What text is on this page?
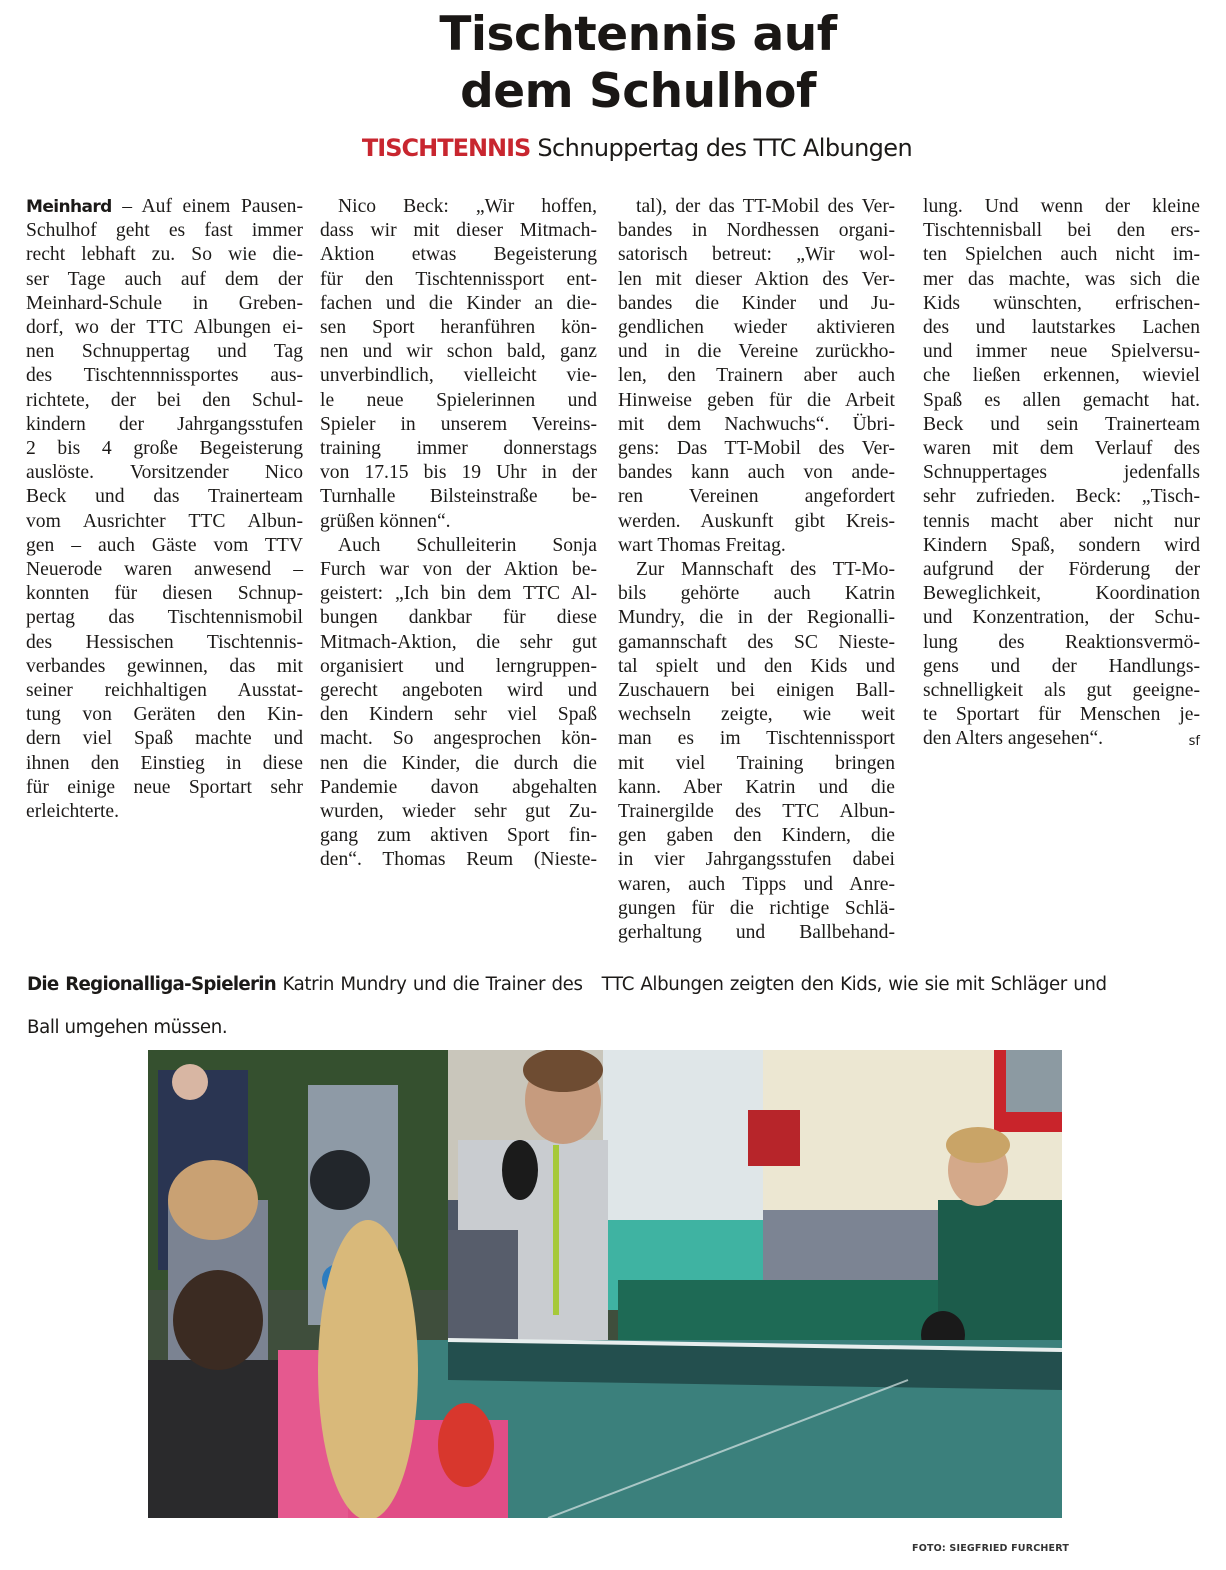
Tischtennis auf
dem Schulhof
TISCHTENNIS Schnuppertag des TTC Albungen
Meinhard – Auf einem Pausen-
Schulhof geht es fast immer
recht lebhaft zu. So wie die-
ser Tage auch auf dem der
Meinhard-Schule in Greben-
dorf, wo der TTC Albungen ei-
nen Schnuppertag und Tag
des Tischtennnissportes aus-
richtete, der bei den Schul-
kindern der Jahrgangsstufen
2 bis 4 große Begeisterung
auslöste. Vorsitzender Nico
Beck und das Trainerteam
vom Ausrichter TTC Albun-
gen – auch Gäste vom TTV
Neuerode waren anwesend –
konnten für diesen Schnup-
pertag das Tischtennismobil
des Hessischen Tischtennis-
verbandes gewinnen, das mit
seiner reichhaltigen Ausstat-
tung von Geräten den Kin-
dern viel Spaß machte und
ihnen den Einstieg in diese
für einige neue Sportart sehr
erleichterte.

Nico Beck: „Wir hoffen,
dass wir mit dieser Mitmach-
Aktion etwas Begeisterung
für den Tischtennissport ent-
fachen und die Kinder an die-
sen Sport heranführen kön-
nen und wir schon bald, ganz
unverbindlich, vielleicht vie-
le neue Spielerinnen und
Spieler in unserem Vereins-
training immer donnerstags
von 17.15 bis 19 Uhr in der
Turnhalle Bilsteinstraße be-
grüßen können“.

Auch Schulleiterin Sonja
Furch war von der Aktion be-
geistert: „Ich bin dem TTC Al-
bungen dankbar für diese
Mitmach-Aktion, die sehr gut
organisiert und lerngruppen-
gerecht angeboten wird und
den Kindern sehr viel Spaß
macht. So angesprochen kön-
nen die Kinder, die durch die
Pandemie davon abgehalten
wurden, wieder sehr gut Zu-
gang zum aktiven Sport fin-
den“. Thomas Reum (Nieste-

tal), der das TT-Mobil des Ver-
bandes in Nordhessen organi-
satorisch betreut: „Wir wol-
len mit dieser Aktion des Ver-
bandes die Kinder und Ju-
gendlichen wieder aktivieren
und in die Vereine zurückho-
len, den Trainern aber auch
Hinweise geben für die Arbeit
mit dem Nachwuchs“. Übri-
gens: Das TT-Mobil des Ver-
bandes kann auch von ande-
ren Vereinen angefordert
werden. Auskunft gibt Kreis-
wart Thomas Freitag.

Zur Mannschaft des TT-Mo-
bils gehörte auch Katrin
Mundry, die in der Regionalli-
gamannschaft des SC Nieste-
tal spielt und den Kids und
Zuschauern bei einigen Ball-
wechseln zeigte, wie weit
man es im Tischtennissport
mit viel Training bringen
kann. Aber Katrin und die
Trainergilde des TTC Albun-
gen gaben den Kindern, die
in vier Jahrgangsstufen dabei
waren, auch Tipps und Anre-
gungen für die richtige Schlä-
gerhaltung und Ballbehand-

lung. Und wenn der kleine
Tischtennisball bei den ers-
ten Spielchen auch nicht im-
mer das machte, was sich die
Kids wünschten, erfrischen-
des und lautstarkes Lachen
und immer neue Spielversu-
che ließen erkennen, wieviel
Spaß es allen gemacht hat.
Beck und sein Trainerteam
waren mit dem Verlauf des
Schnuppertages jedenfalls
sehr zufrieden. Beck: „Tisch-
tennis macht aber nicht nur
Kindern Spaß, sondern wird
aufgrund der Förderung der
Beweglichkeit, Koordination
und Konzentration, der Schu-
lung des Reaktionsvermö-
gens und der Handlungs-
schnelligkeit als gut geeigne-
te Sportart für Menschen je-
sf
den Alters angesehen“.
Die Regionalliga-Spielerin Katrin Mundry und die Trainer des   TTC Albungen zeigten den Kids, wie sie mit Schläger und
Ball umgehen müssen.
FOTO: SIEGFRIED FURCHERT
